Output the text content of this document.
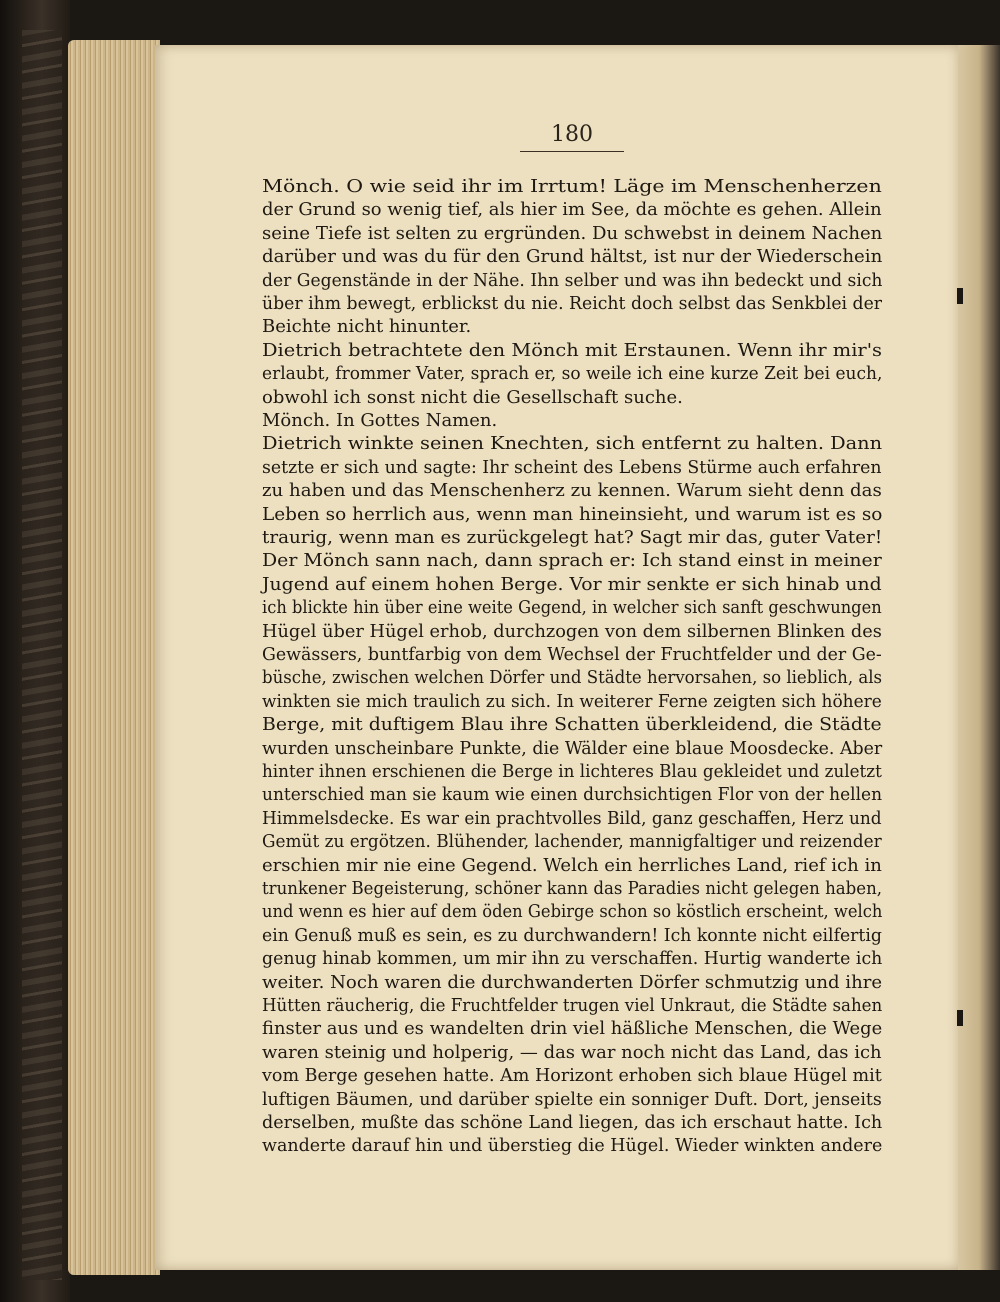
180
Mönch. O wie seid ihr im Irrtum! Läge im Menschenherzen
der Grund so wenig tief, als hier im See, da möchte es gehen. Allein
seine Tiefe ist selten zu ergründen. Du schwebst in deinem Nachen
darüber und was du für den Grund hältst, ist nur der Wiederschein
der Gegenstände in der Nähe. Ihn selber und was ihn bedeckt und sich
über ihm bewegt, erblickst du nie. Reicht doch selbst das Senkblei der
Beichte nicht hinunter.
Dietrich betrachtete den Mönch mit Erstaunen. Wenn ihr mir's
erlaubt, frommer Vater, sprach er, so weile ich eine kurze Zeit bei euch,
obwohl ich sonst nicht die Gesellschaft suche.
Mönch. In Gottes Namen.
Dietrich winkte seinen Knechten, sich entfernt zu halten. Dann
setzte er sich und sagte: Ihr scheint des Lebens Stürme auch erfahren
zu haben und das Menschenherz zu kennen. Warum sieht denn das
Leben so herrlich aus, wenn man hineinsieht, und warum ist es so
traurig, wenn man es zurückgelegt hat? Sagt mir das, guter Vater!
Der Mönch sann nach, dann sprach er: Ich stand einst in meiner
Jugend auf einem hohen Berge. Vor mir senkte er sich hinab und
ich blickte hin über eine weite Gegend, in welcher sich sanft geschwungen
Hügel über Hügel erhob, durchzogen von dem silbernen Blinken des
Gewässers, buntfarbig von dem Wechsel der Fruchtfelder und der Ge-
büsche, zwischen welchen Dörfer und Städte hervorsahen, so lieblich, als
winkten sie mich traulich zu sich. In weiterer Ferne zeigten sich höhere
Berge, mit duftigem Blau ihre Schatten überkleidend, die Städte
wurden unscheinbare Punkte, die Wälder eine blaue Moosdecke. Aber
hinter ihnen erschienen die Berge in lichteres Blau gekleidet und zuletzt
unterschied man sie kaum wie einen durchsichtigen Flor von der hellen
Himmelsdecke. Es war ein prachtvolles Bild, ganz geschaffen, Herz und
Gemüt zu ergötzen. Blühender, lachender, mannigfaltiger und reizender
erschien mir nie eine Gegend. Welch ein herrliches Land, rief ich in
trunkener Begeisterung, schöner kann das Paradies nicht gelegen haben,
und wenn es hier auf dem öden Gebirge schon so köstlich erscheint, welch
ein Genuß muß es sein, es zu durchwandern! Ich konnte nicht eilfertig
genug hinab kommen, um mir ihn zu verschaffen. Hurtig wanderte ich
weiter. Noch waren die durchwanderten Dörfer schmutzig und ihre
Hütten räucherig, die Fruchtfelder trugen viel Unkraut, die Städte sahen
finster aus und es wandelten drin viel häßliche Menschen, die Wege
waren steinig und holperig, — das war noch nicht das Land, das ich
vom Berge gesehen hatte. Am Horizont erhoben sich blaue Hügel mit
luftigen Bäumen, und darüber spielte ein sonniger Duft. Dort, jenseits
derselben, mußte das schöne Land liegen, das ich erschaut hatte. Ich
wanderte darauf hin und überstieg die Hügel. Wieder winkten andere
